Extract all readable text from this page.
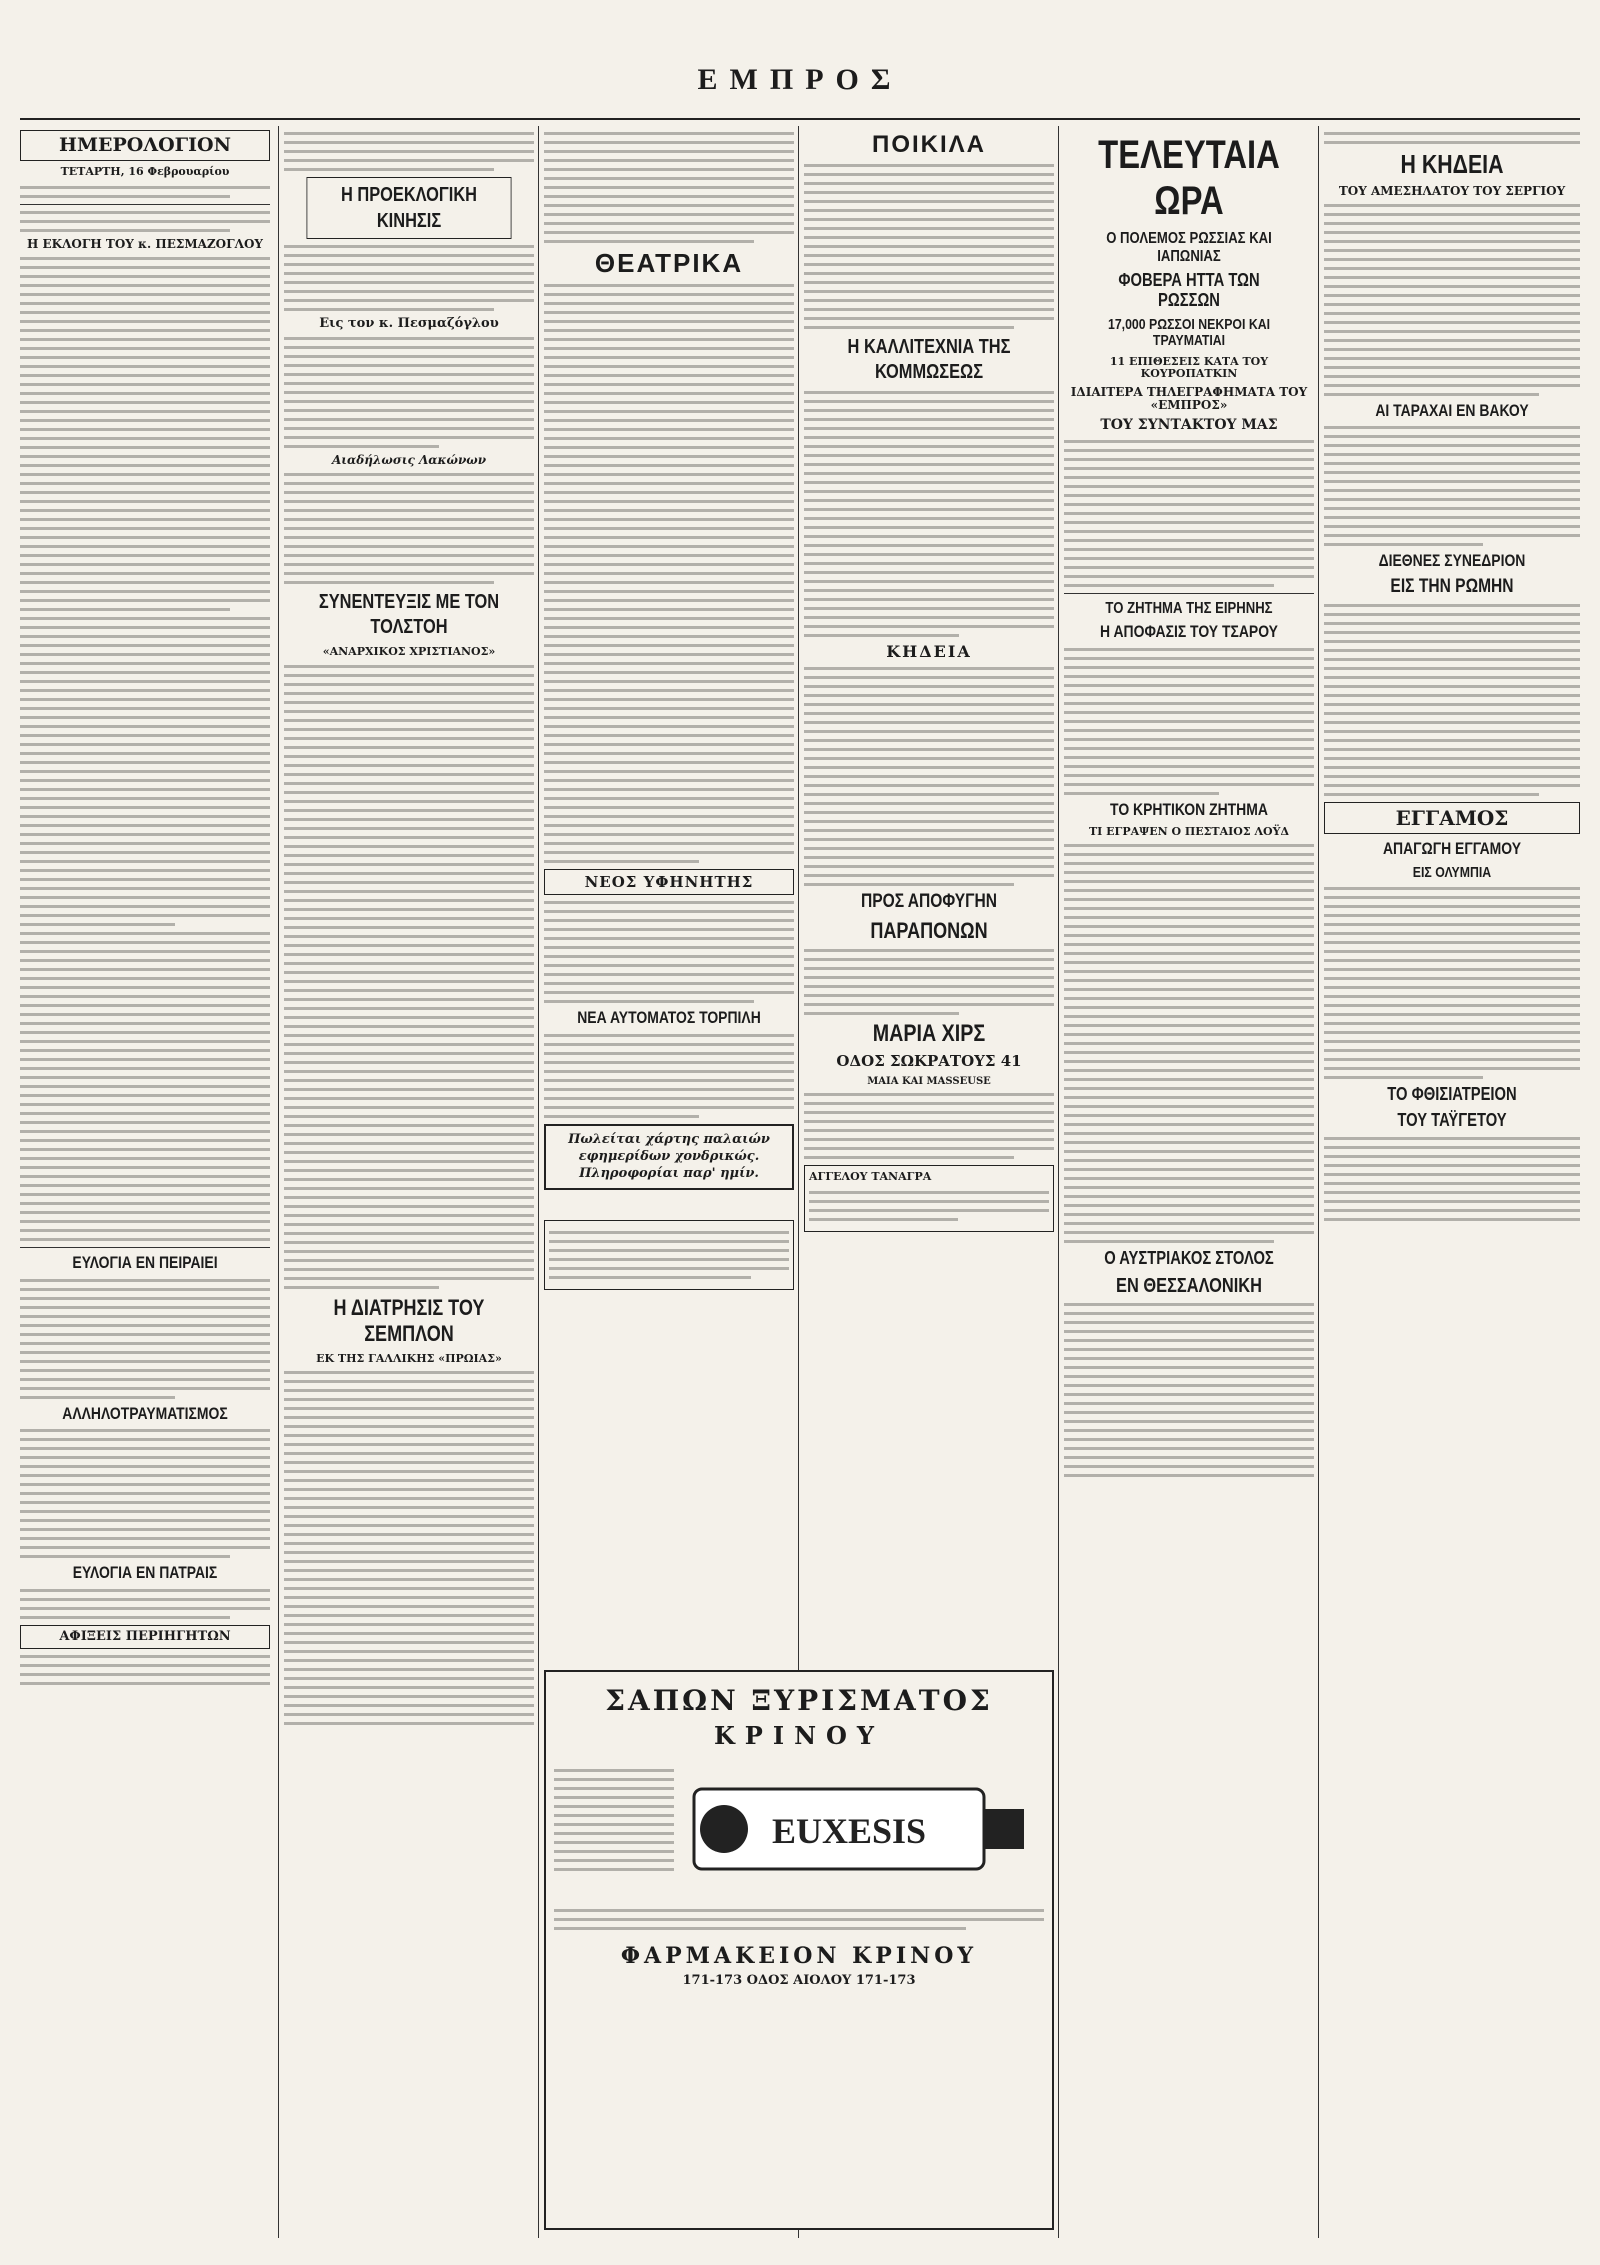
ΕΜΠΡΟΣ
ΗΜΕΡΟΛΟΓΙΟΝ
ΤΕΤΑΡΤΗ, 16 Φεβρουαρίου
Η ΕΚΛΟΓΗ ΤΟΥ κ. ΠΕΣΜΑΖΟΓΛΟΥ
ΕΥΛΟΓΙΑ ΕΝ ΠΕΙΡΑΙΕΙ
ΑΛΛΗΛΟΤΡΑΥΜΑΤΙΣΜΟΣ
ΕΥΛΟΓΙΑ ΕΝ ΠΑΤΡΑΙΣ
ΑΦΙΞΕΙΣ ΠΕΡΙΗΓΗΤΩΝ
Η ΠΡΟΕΚΛΟΓΙΚΗ ΚΙΝΗΣΙΣ
Εις τον κ. Πεσμαζόγλου
Αιαδήλωσις Λακώνων
ΣΥΝΕΝΤΕΥΞΙΣ ΜΕ ΤΟΝ ΤΟΛΣΤΟΗ
«ΑΝΑΡΧΙΚΟΣ ΧΡΙΣΤΙΑΝΟΣ»
Η ΔΙΑΤΡΗΣΙΣ ΤΟΥ ΣΕΜΠΛΟΝ
ΕΚ ΤΗΣ ΓΑΛΛΙΚΗΣ «ΠΡΩΙΑΣ»
ΘΕΑΤΡΙΚΑ
ΝΕΟΣ ΥΦΗΝΗΤΗΣ
ΝΕΑ ΑΥΤΟΜΑΤΟΣ ΤΟΡΠΙΛΗ
Πωλείται χάρτης παλαιών εφημερίδων χονδρικώς. Πληροφορίαι παρ' ημίν.
ΠΟΙΚΙΛΑ
Η ΚΑΛΛΙΤΕΧΝΙΑ ΤΗΣ ΚΟΜΜΩΣΕΩΣ
ΚΗΔΕΙΑ
ΠΡΟΣ ΑΠΟΦΥΓΗΝ
ΠΑΡΑΠΟΝΩΝ
ΜΑΡΙΑ ΧΙΡΣ
ΟΔΟΣ ΣΩΚΡΑΤΟΥΣ 41
ΜΑΙΑ ΚΑΙ MASSEUSE
ΑΓΓΕΛΟΥ ΤΑΝΑΓΡΑ
ΤΕΛΕΥΤΑΙΑ ΩΡΑ
Ο ΠΟΛΕΜΟΣ ΡΩΣΣΙΑΣ ΚΑΙ ΙΑΠΩΝΙΑΣ
ΦΟΒΕΡΑ ΗΤΤΑ ΤΩΝ ΡΩΣΣΩΝ
17,000 ΡΩΣΣΟΙ ΝΕΚΡΟΙ ΚΑΙ ΤΡΑΥΜΑΤΙΑΙ
11 ΕΠΙΘΕΣΕΙΣ ΚΑΤΑ ΤΟΥ ΚΟΥΡΟΠΑΤΚΙΝ
ΙΔΙΑΙΤΕΡΑ ΤΗΛΕΓΡΑΦΗΜΑΤΑ ΤΟΥ «ΕΜΠΡΟΣ»
ΤΟΥ ΣΥΝΤΑΚΤΟΥ ΜΑΣ
ΤΟ ΖΗΤΗΜΑ ΤΗΣ ΕΙΡΗΝΗΣ
Η ΑΠΟΦΑΣΙΣ ΤΟΥ ΤΣΑΡΟΥ
ΤΟ ΚΡΗΤΙΚΟΝ ΖΗΤΗΜΑ
ΤΙ ΕΓΡΑΨΕΝ Ο ΠΕΣΤΑΙΟΣ ΛΟΫΔ
Ο ΑΥΣΤΡΙΑΚΟΣ ΣΤΟΛΟΣ
ΕΝ ΘΕΣΣΑΛΟΝΙΚΗ
Η ΚΗΔΕΙΑ
ΤΟΥ ΑΜΕΣΗΛΑΤΟΥ ΤΟΥ ΣΕΡΓΙΟΥ
ΑΙ ΤΑΡΑΧΑΙ ΕΝ ΒΑΚΟΥ
ΔΙΕΘΝΕΣ ΣΥΝΕΔΡΙΟΝ
ΕΙΣ ΤΗΝ ΡΩΜΗΝ
ΕΓΓΑΜΟΣ
ΑΠΑΓΩΓΗ ΕΓΓΑΜΟΥ
ΕΙΣ ΟΛΥΜΠΙΑ
ΤΟ ΦΘΙΣΙΑΤΡΕΙΟΝ
ΤΟΥ ΤΑΫΓΕΤΟΥ
ΣΑΠΩΝ ΞΥΡΙΣΜΑΤΟΣ
ΚΡΙΝΟΥ
EUXESIS
ΦΑΡΜΑΚΕΙΟΝ ΚΡΙΝΟΥ
171-173 ΟΔΟΣ ΑΙΟΛΟΥ 171-173
